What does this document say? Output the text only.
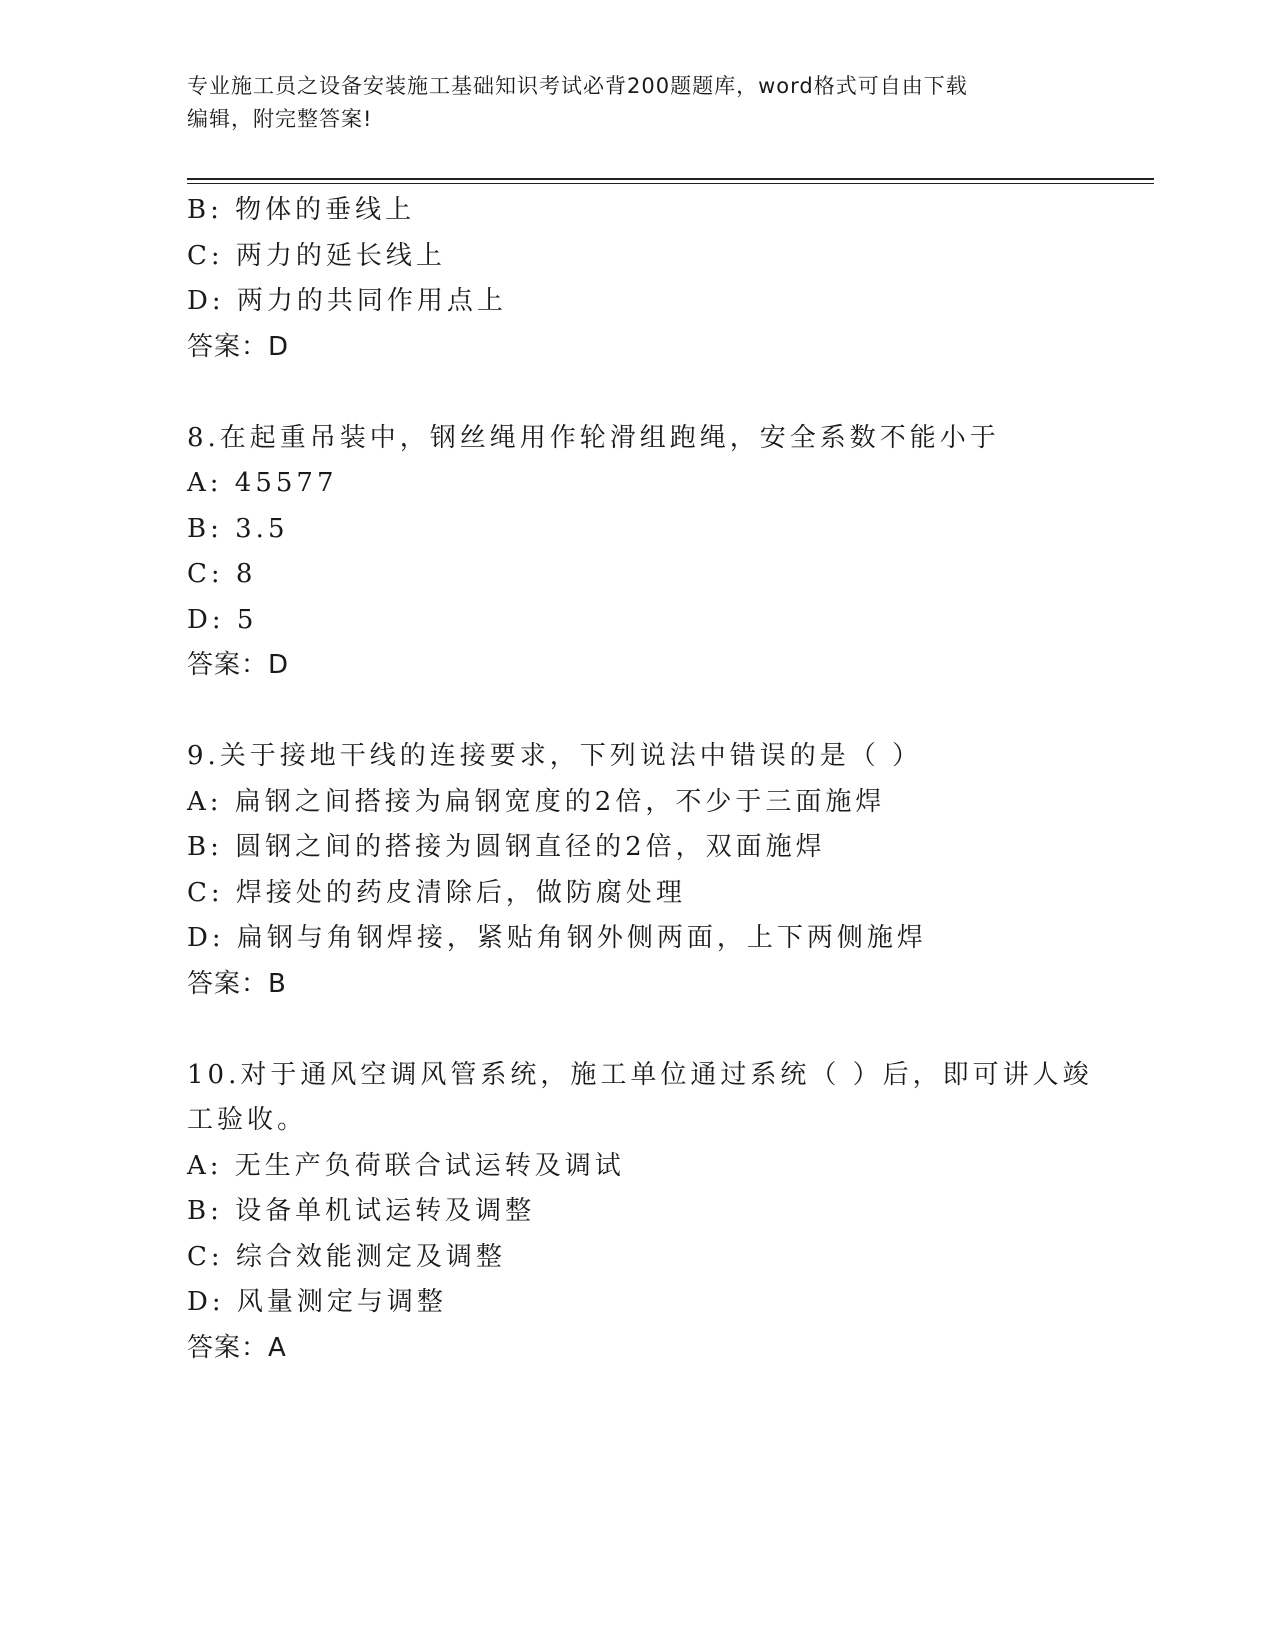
专业施工员之设备安装施工基础知识考试必背200题题库，word格式可自由下载
编辑，附完整答案!
B: 物体的垂线上
C: 两力的延长线上
D: 两力的共同作用点上
答案：D
8.在起重吊装中，钢丝绳用作轮滑组跑绳，安全系数不能小于
A: 45577
B: 3.5
C: 8
D: 5
答案：D
9.关于接地干线的连接要求，下列说法中错误的是（ ）
A: 扁钢之间搭接为扁钢宽度的2倍，不少于三面施焊
B: 圆钢之间的搭接为圆钢直径的2倍，双面施焊
C: 焊接处的药皮清除后，做防腐处理
D: 扁钢与角钢焊接，紧贴角钢外侧两面，上下两侧施焊
答案：B
10.对于通风空调风管系统，施工单位通过系统（ ）后，即可讲人竣
工验收。
A: 无生产负荷联合试运转及调试
B: 设备单机试运转及调整
C: 综合效能测定及调整
D: 风量测定与调整
答案：A
